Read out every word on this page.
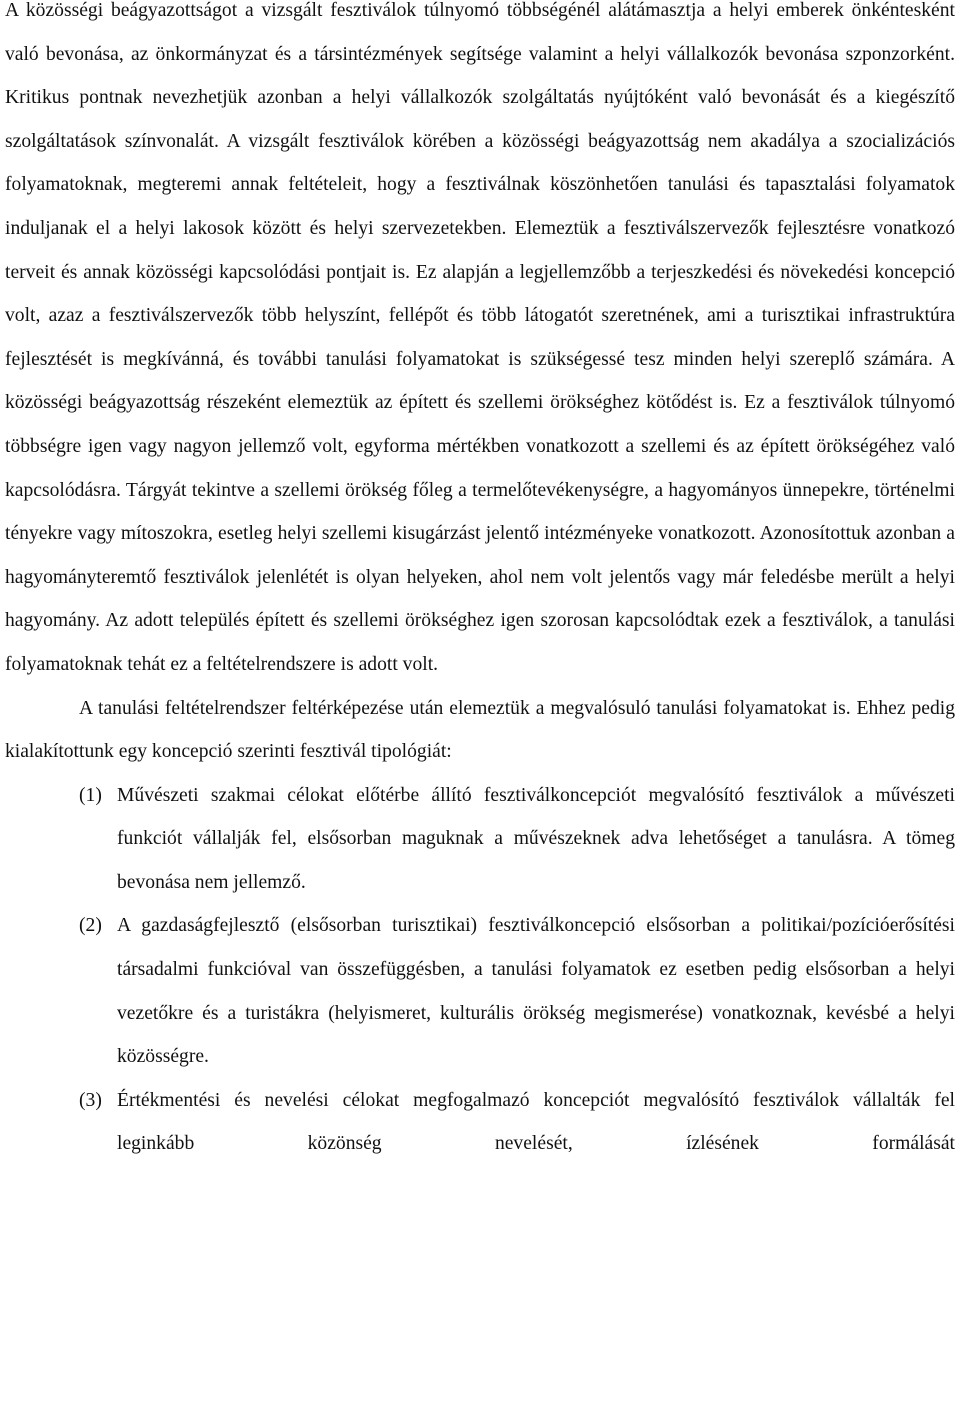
A közösségi beágyazottságot a vizsgált fesztiválok túlnyomó többségénél alátámasztja a helyi emberek önkéntesként való bevonása, az önkormányzat és a társintézmények segítsége valamint a helyi vállalkozók bevonása szponzorként. Kritikus pontnak nevezhetjük azonban a helyi vállalkozók szolgáltatás nyújtóként való bevonását és a kiegészítő szolgáltatások színvonalát. A vizsgált fesztiválok körében a közösségi beágyazottság nem akadálya a szocializációs folyamatoknak, megteremi annak feltételeit, hogy a fesztiválnak köszönhetően tanulási és tapasztalási folyamatok induljanak el a helyi lakosok között és helyi szervezetekben. Elemeztük a fesztiválszervezők fejlesztésre vonatkozó terveit és annak közösségi kapcsolódási pontjait is. Ez alapján a legjellemzőbb a terjeszkedési és növekedési koncepció volt, azaz a fesztiválszervezők több helyszínt, fellépőt és több látogatót szeretnének, ami a turisztikai infrastruktúra fejlesztését is megkívánná, és további tanulási folyamatokat is szükségessé tesz minden helyi szereplő számára. A közösségi beágyazottság részeként elemeztük az épített és szellemi örökséghez kötődést is. Ez a fesztiválok túlnyomó többségre igen vagy nagyon jellemző volt, egyforma mértékben vonatkozott a szellemi és az épített örökségéhez való kapcsolódásra. Tárgyát tekintve a szellemi örökség főleg a termelőtevékenységre, a hagyományos ünnepekre, történelmi tényekre vagy mítoszokra, esetleg helyi szellemi kisugárzást jelentő intézményeke vonatkozott. Azonosítottuk azonban a hagyományteremtő fesztiválok jelenlétét is olyan helyeken, ahol nem volt jelentős vagy már feledésbe merült a helyi hagyomány. Az adott település épített és szellemi örökséghez igen szorosan kapcsolódtak ezek a fesztiválok, a tanulási folyamatoknak tehát ez a feltételrendszere is adott volt.

A tanulási feltételrendszer feltérképezése után elemeztük a megvalósuló tanulási folyamatokat is. Ehhez pedig kialakítottunk egy koncepció szerinti fesztivál tipológiát:

(1) Művészeti szakmai célokat előtérbe állító fesztiválkoncepciót megvalósító fesztiválok a művészeti funkciót vállalják fel, elsősorban maguknak a művészeknek adva lehetőséget a tanulásra. A tömeg bevonása nem jellemző.
(2) A gazdaságfejlesztő (elsősorban turisztikai) fesztiválkoncepció elsősorban a politikai/pozícióerősítési társadalmi funkcióval van összefüggésben, a tanulási folyamatok ez esetben pedig elsősorban a helyi vezetőkre és a turistákra (helyismeret, kulturális örökség megismerése) vonatkoznak, kevésbé a helyi közösségre.
(3) Értékmentési és nevelési célokat megfogalmazó koncepciót megvalósító fesztiválok vállalták fel leginkább közönség nevelését, ízlésének formálását
